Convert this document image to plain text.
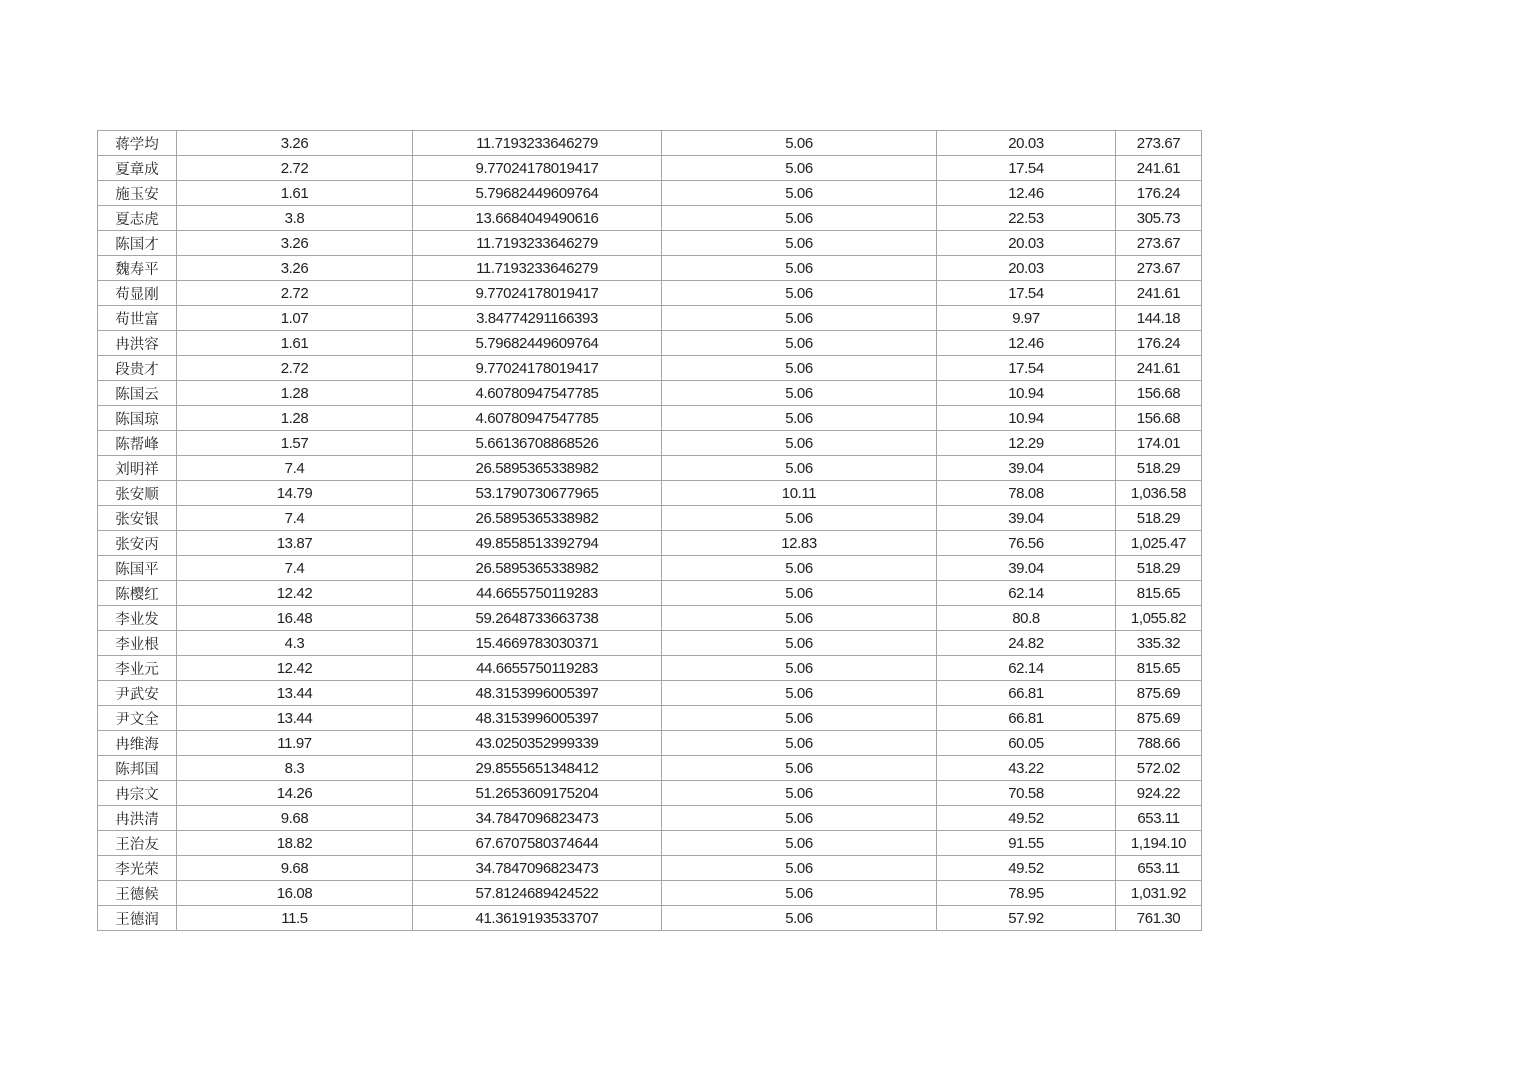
蒋学均	3.26	11.7193233646279	5.06	20.03	273.67
夏章成	2.72	9.77024178019417	5.06	17.54	241.61
施玉安	1.61	5.79682449609764	5.06	12.46	176.24
夏志虎	3.8	13.6684049490616	5.06	22.53	305.73
陈国才	3.26	11.7193233646279	5.06	20.03	273.67
魏寿平	3.26	11.7193233646279	5.06	20.03	273.67
苟显刚	2.72	9.77024178019417	5.06	17.54	241.61
苟世富	1.07	3.84774291166393	5.06	9.97	144.18
冉洪容	1.61	5.79682449609764	5.06	12.46	176.24
段贵才	2.72	9.77024178019417	5.06	17.54	241.61
陈国云	1.28	4.60780947547785	5.06	10.94	156.68
陈国琼	1.28	4.60780947547785	5.06	10.94	156.68
陈帮峰	1.57	5.66136708868526	5.06	12.29	174.01
刘明祥	7.4	26.5895365338982	5.06	39.04	518.29
张安顺	14.79	53.1790730677965	10.11	78.08	1,036.58
张安银	7.4	26.5895365338982	5.06	39.04	518.29
张安丙	13.87	49.8558513392794	12.83	76.56	1,025.47
陈国平	7.4	26.5895365338982	5.06	39.04	518.29
陈樱红	12.42	44.6655750119283	5.06	62.14	815.65
李业发	16.48	59.2648733663738	5.06	80.8	1,055.82
李业根	4.3	15.4669783030371	5.06	24.82	335.32
李业元	12.42	44.6655750119283	5.06	62.14	815.65
尹武安	13.44	48.3153996005397	5.06	66.81	875.69
尹文全	13.44	48.3153996005397	5.06	66.81	875.69
冉维海	11.97	43.0250352999339	5.06	60.05	788.66
陈邦国	8.3	29.8555651348412	5.06	43.22	572.02
冉宗文	14.26	51.2653609175204	5.06	70.58	924.22
冉洪清	9.68	34.7847096823473	5.06	49.52	653.11
王治友	18.82	67.6707580374644	5.06	91.55	1,194.10
李光荣	9.68	34.7847096823473	5.06	49.52	653.11
王德候	16.08	57.8124689424522	5.06	78.95	1,031.92
王德润	11.5	41.3619193533707	5.06	57.92	761.30
